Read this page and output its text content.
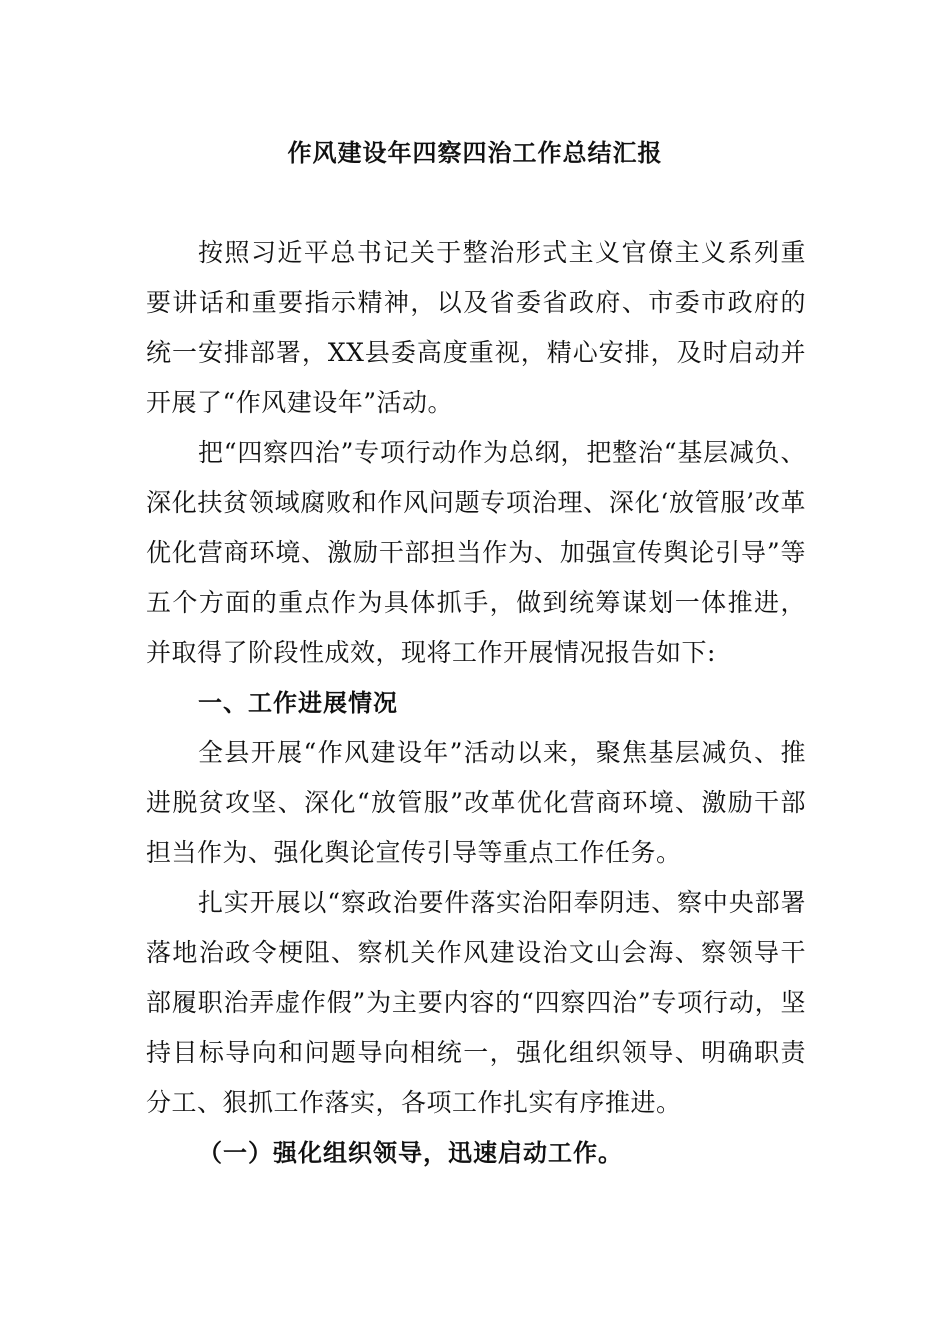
作风建设年四察四治工作总结汇报

按照习近平总书记关于整治形式主义官僚主义系列重要讲话和重要指示精神，以及省委省政府、市委市政府的统一安排部署，XX县委高度重视，精心安排，及时启动并开展了“作风建设年”活动。

把“四察四治”专项行动作为总纲，把整治“基层减负、深化扶贫领域腐败和作风问题专项治理、深化‘放管服’改革优化营商环境、激励干部担当作为、加强宣传舆论引导”等五个方面的重点作为具体抓手，做到统筹谋划一体推进，并取得了阶段性成效，现将工作开展情况报告如下:

一、工作进展情况

全县开展“作风建设年”活动以来，聚焦基层减负、推进脱贫攻坚、深化“放管服”改革优化营商环境、激励干部担当作为、强化舆论宣传引导等重点工作任务。

扎实开展以“察政治要件落实治阳奉阴违、察中央部署落地治政令梗阻、察机关作风建设治文山会海、察领导干部履职治弄虚作假”为主要内容的“四察四治”专项行动，坚持目标导向和问题导向相统一，强化组织领导、明确职责分工、狠抓工作落实，各项工作扎实有序推进。

（一）强化组织领导，迅速启动工作。
